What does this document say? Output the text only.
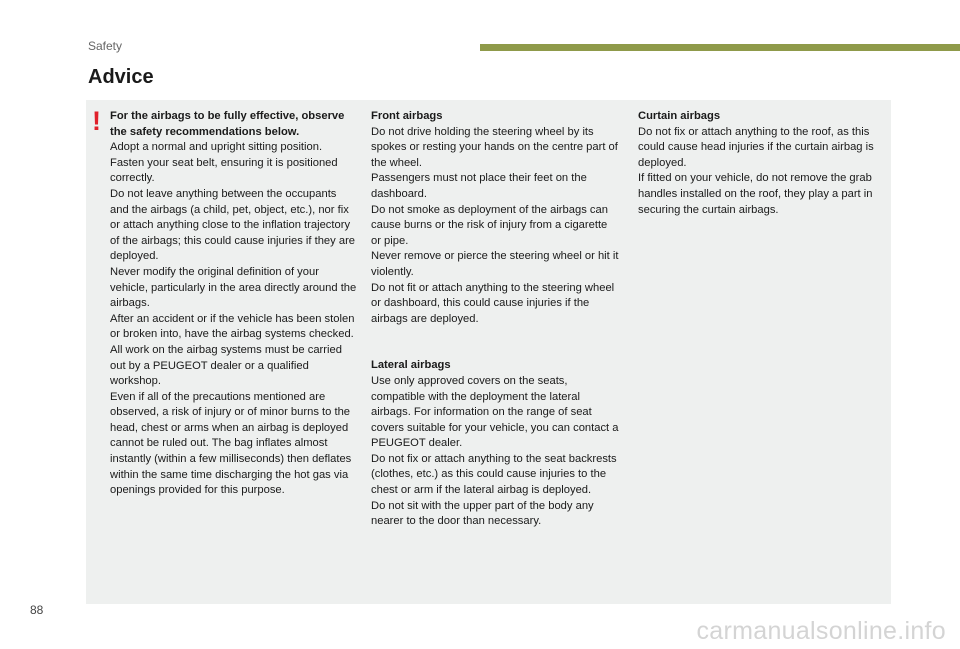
Safety
Advice
! For the airbags to be fully effective, observe the safety recommendations below.

Adopt a normal and upright sitting position.

Fasten your seat belt, ensuring it is positioned correctly.

Do not leave anything between the occupants and the airbags (a child, pet, object, etc.), nor fix or attach anything close to the inflation trajectory of the airbags; this could cause injuries if they are deployed.

Never modify the original definition of your vehicle, particularly in the area directly around the airbags.

After an accident or if the vehicle has been stolen or broken into, have the airbag systems checked.

All work on the airbag systems must be carried out by a PEUGEOT dealer or a qualified workshop.

Even if all of the precautions mentioned are observed, a risk of injury or of minor burns to the head, chest or arms when an airbag is deployed cannot be ruled out. The bag inflates almost instantly (within a few milliseconds) then deflates within the same time discharging the hot gas via openings provided for this purpose.

Front airbags

Do not drive holding the steering wheel by its spokes or resting your hands on the centre part of the wheel.

Passengers must not place their feet on the dashboard.

Do not smoke as deployment of the airbags can cause burns or the risk of injury from a cigarette or pipe.

Never remove or pierce the steering wheel or hit it violently.

Do not fit or attach anything to the steering wheel or dashboard, this could cause injuries if the airbags are deployed.

Lateral airbags

Use only approved covers on the seats, compatible with the deployment the lateral airbags. For information on the range of seat covers suitable for your vehicle, you can contact a PEUGEOT dealer.

Do not fix or attach anything to the seat backrests (clothes, etc.) as this could cause injuries to the chest or arm if the lateral airbag is deployed.

Do not sit with the upper part of the body any nearer to the door than necessary.

Curtain airbags

Do not fix or attach anything to the roof, as this could cause head injuries if the curtain airbag is deployed.

If fitted on your vehicle, do not remove the grab handles installed on the roof, they play a part in securing the curtain airbags.

88
carmanualsonline.info
